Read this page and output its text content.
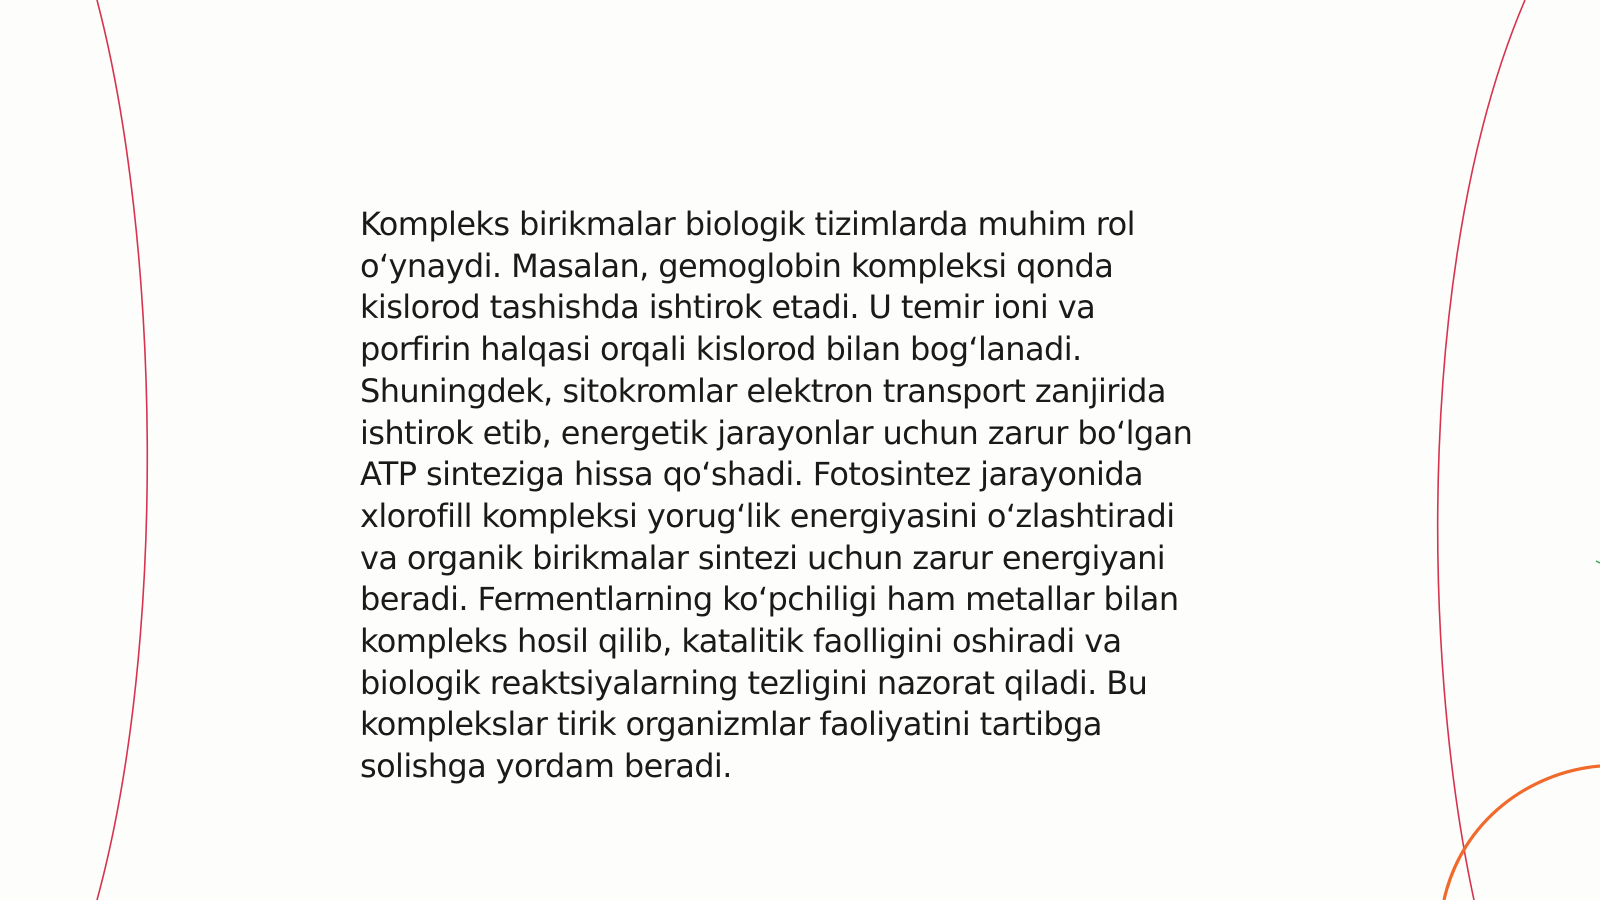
Kompleks birikmalar biologik tizimlarda muhim rol
o‘ynaydi. Masalan, gemoglobin kompleksi qonda
kislorod tashishda ishtirok etadi. U temir ioni va
porfirin halqasi orqali kislorod bilan bog‘lanadi.
Shuningdek, sitokromlar elektron transport zanjirida
ishtirok etib, energetik jarayonlar uchun zarur bo‘lgan
ATP sinteziga hissa qo‘shadi. Fotosintez jarayonida
xlorofill kompleksi yorug‘lik energiyasini o‘zlashtiradi
va organik birikmalar sintezi uchun zarur energiyani
beradi. Fermentlarning ko‘pchiligi ham metallar bilan
kompleks hosil qilib, katalitik faolligini oshiradi va
biologik reaktsiyalarning tezligini nazorat qiladi. Bu
komplekslar tirik organizmlar faoliyatini tartibga
solishga yordam beradi.
